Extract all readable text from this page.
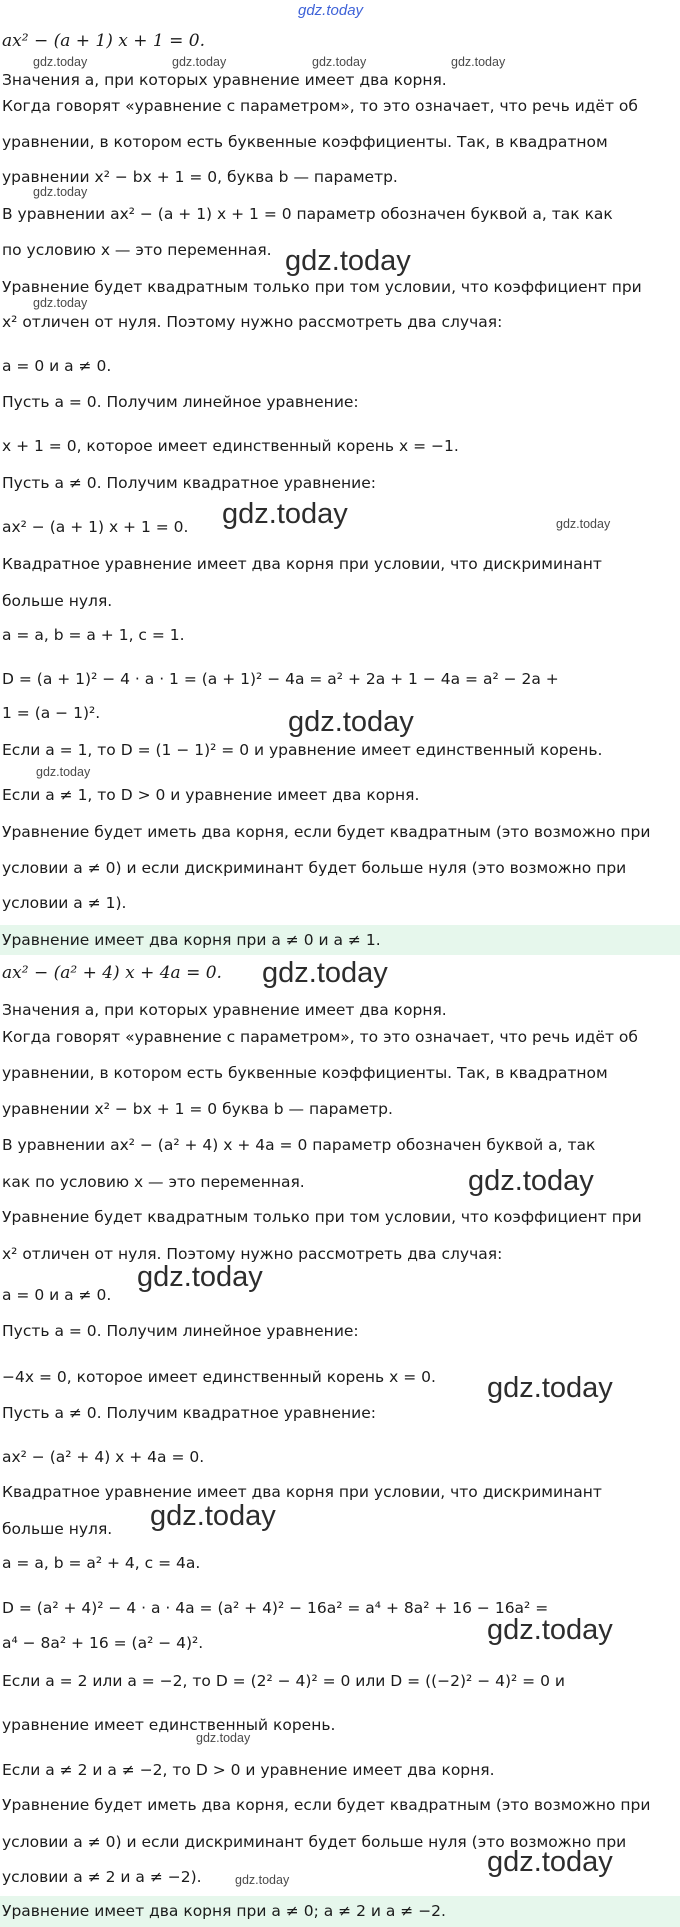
gdz.today
ax² − (a + 1) x + 1 = 0.
gdz.today	gdz.today	gdz.today	gdz.today
Значения a, при которых уравнение имеет два корня.
Когда говорят «уравнение с параметром», то это означает, что речь идёт об
уравнении, в котором есть буквенные коэффициенты. Так, в квадратном
уравнении x² − bx + 1 = 0, буква b — параметр.
gdz.today
В уравнении ax² − (a + 1) x + 1 = 0 параметр обозначен буквой a, так как
по условию x — это переменная. gdz.today
Уравнение будет квадратным только при том условии, что коэффициент при
gdz.today
x² отличен от нуля. Поэтому нужно рассмотреть два случая:
a = 0 и a ≠ 0.
Пусть a = 0. Получим линейное уравнение:
x + 1 = 0, которое имеет единственный корень x = −1.
Пусть a ≠ 0. Получим квадратное уравнение:
ax² − (a + 1) x + 1 = 0.	gdz.today	gdz.today
Квадратное уравнение имеет два корня при условии, что дискриминант
больше нуля.
a = a, b = a + 1, c = 1.
D = (a + 1)² − 4 · a · 1 = (a + 1)² − 4a = a² + 2a + 1 − 4a = a² − 2a +
1 = (a − 1)².	gdz.today
Если a = 1, то D = (1 − 1)² = 0 и уравнение имеет единственный корень.
gdz.today
Если a ≠ 1, то D > 0 и уравнение имеет два корня.
Уравнение будет иметь два корня, если будет квадратным (это возможно при
условии a ≠ 0) и если дискриминант будет больше нуля (это возможно при
условии a ≠ 1).
Уравнение имеет два корня при a ≠ 0 и a ≠ 1.
ax² − (a² + 4) x + 4a = 0.	gdz.today
Значения a, при которых уравнение имеет два корня.
Когда говорят «уравнение с параметром», то это означает, что речь идёт об
уравнении, в котором есть буквенные коэффициенты. Так, в квадратном
уравнении x² − bx + 1 = 0 буква b — параметр.
В уравнении ax² − (a² + 4) x + 4a = 0 параметр обозначен буквой a, так
как по условию x — это переменная.	gdz.today
Уравнение будет квадратным только при том условии, что коэффициент при
x² отличен от нуля. Поэтому нужно рассмотреть два случая:
a = 0 и a ≠ 0.
gdz.today
Пусть a = 0. Получим линейное уравнение:
−4x = 0, которое имеет единственный корень x = 0.	gdz.today
Пусть a ≠ 0. Получим квадратное уравнение:
ax² − (a² + 4) x + 4a = 0.
Квадратное уравнение имеет два корня при условии, что дискриминант
больше нуля.	gdz.today
a = a, b = a² + 4, c = 4a.
D = (a² + 4)² − 4 · a · 4a = (a² + 4)² − 16a² = a⁴ + 8a² + 16 − 16a² =
a⁴ − 8a² + 16 = (a² − 4)².	gdz.today
Если a = 2 или a = −2, то D = (2² − 4)² = 0 или D = ((−2)² − 4)² = 0 и
уравнение имеет единственный корень.
gdz.today
Если a ≠ 2 и a ≠ −2, то D > 0 и уравнение имеет два корня.
Уравнение будет иметь два корня, если будет квадратным (это возможно при
условии a ≠ 0) и если дискриминант будет больше нуля (это возможно при
условии a ≠ 2 и a ≠ −2).	gdz.today
gdz.today
Уравнение имеет два корня при a ≠ 0; a ≠ 2 и a ≠ −2.
